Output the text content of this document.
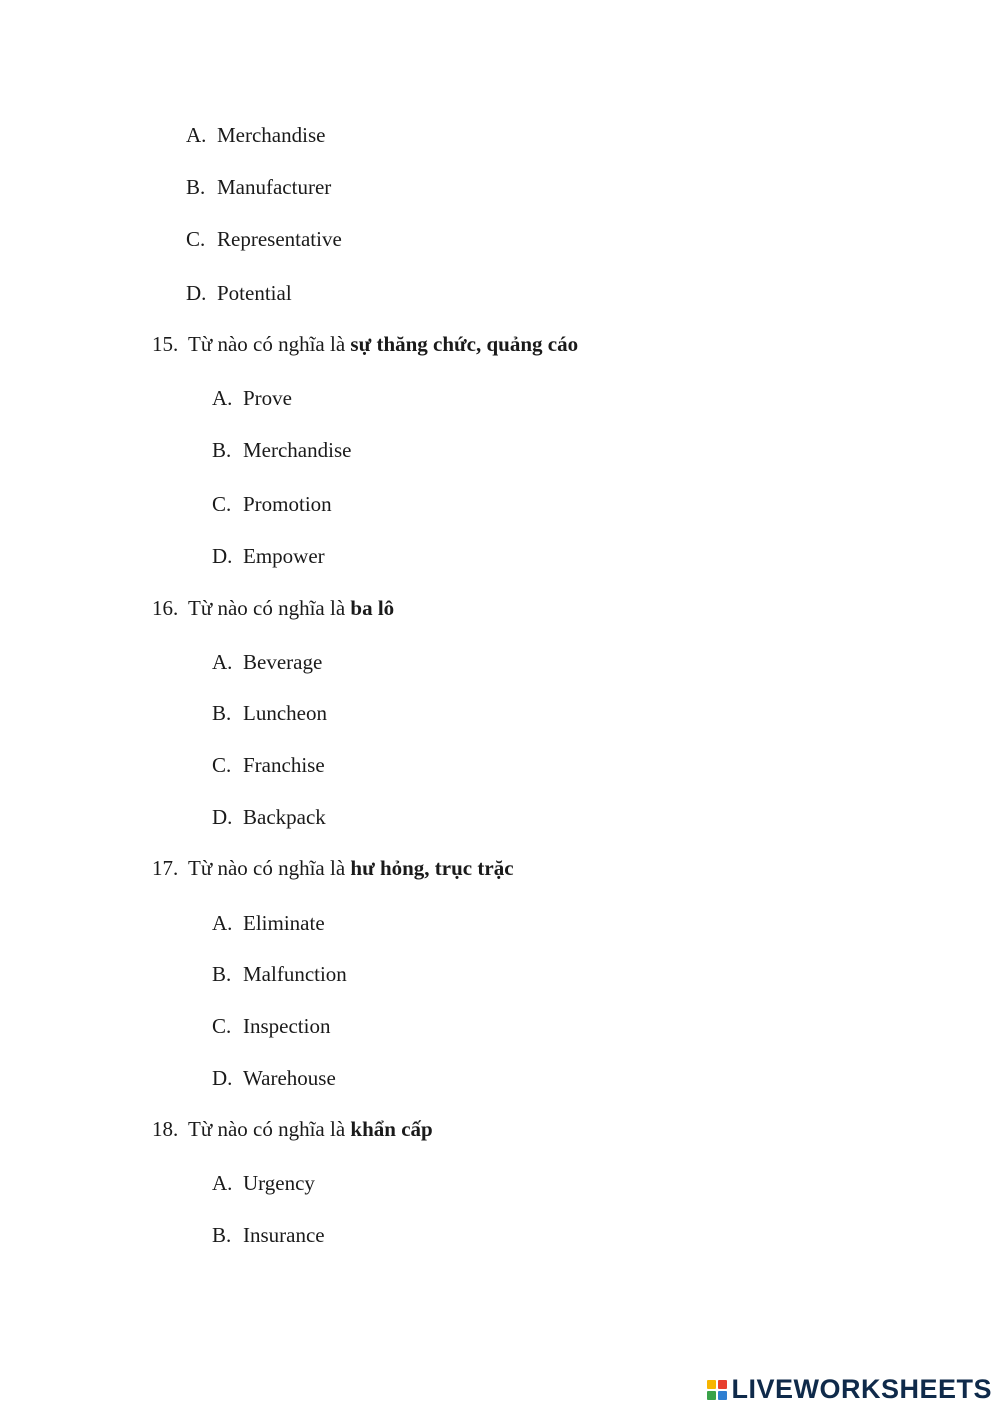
A. Merchandise
B. Manufacturer
C. Representative
D. Potential
15. Từ nào có nghĩa là sự thăng chức, quảng cáo
A. Prove
B. Merchandise
C. Promotion
D. Empower
16. Từ nào có nghĩa là ba lô
A. Beverage
B. Luncheon
C. Franchise
D. Backpack
17. Từ nào có nghĩa là hư hỏng, trục trặc
A. Eliminate
B. Malfunction
C. Inspection
D. Warehouse
18. Từ nào có nghĩa là khẩn cấp
A. Urgency
B. Insurance
LIVEWORKSHEETS
